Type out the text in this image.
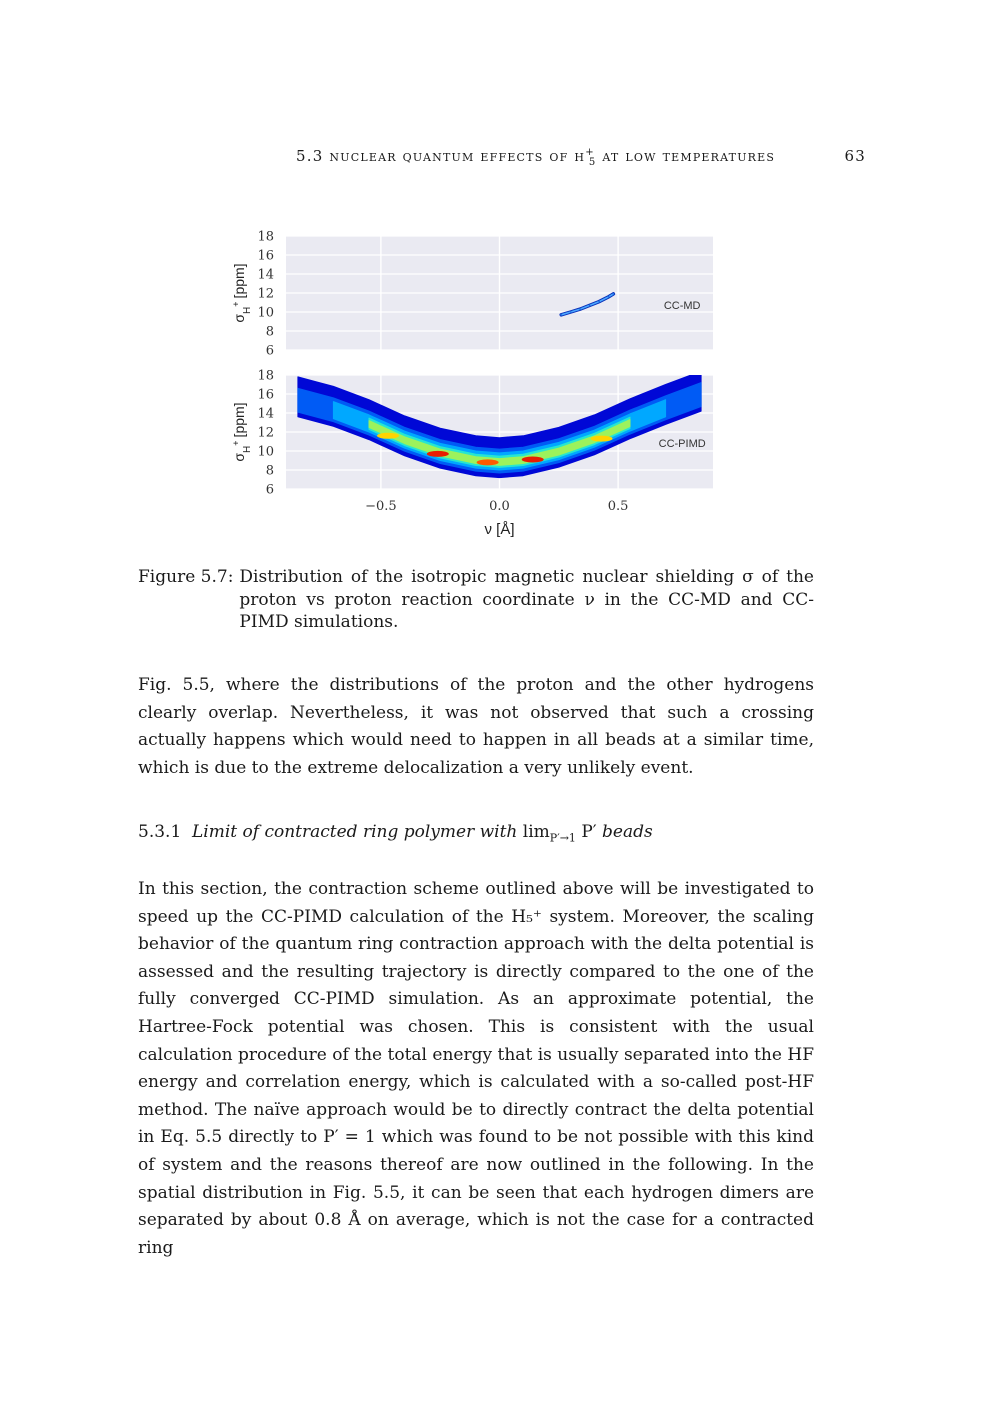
5.3 nuclear quantum effects of $h^+_5$ at low temperatures	63
18
16
14
12
10
8
6
$\sigma_H^+[ppm]$
CC-MD
18
16
14
12
10
8
6
$\sigma_H^+[ppm]$
CC-PIMD
−0.5	0.0	0.5
ν [Å]
Figure 5.7: Distribution of the isotropic magnetic nuclear shielding σ of the proton vs proton reaction coordinate ν in the CC-MD and CC-PIMD simulations.

Fig. 5.5, where the distributions of the proton and the other hydrogens clearly overlap. Nevertheless, it was not observed that such a crossing actually happens which would need to happen in all beads at a similar time, which is due to the extreme delocalization a very unlikely event.

5.3.1 Limit of contracted ring polymer with $\lim_{P'\to 1} P'$ beads

In this section, the contraction scheme outlined above will be investigated to speed up the CC-PIMD calculation of the H₅⁺ system. Moreover, the scaling behavior of the quantum ring contraction approach with the delta potential is assessed and the resulting trajectory is directly compared to the one of the fully converged CC-PIMD simulation. As an approximate potential, the Hartree-Fock potential was chosen. This is consistent with the usual calculation procedure of the total energy that is usually separated into the HF energy and correlation energy, which is calculated with a so-called post-HF method. The naïve approach would be to directly contract the delta potential in Eq. 5.5 directly to P′ = 1 which was found to be not possible with this kind of system and the reasons thereof are now outlined in the following. In the spatial distribution in Fig. 5.5, it can be seen that each hydrogen dimers are separated by about 0.8 Å on average, which is not the case for a contracted ring
